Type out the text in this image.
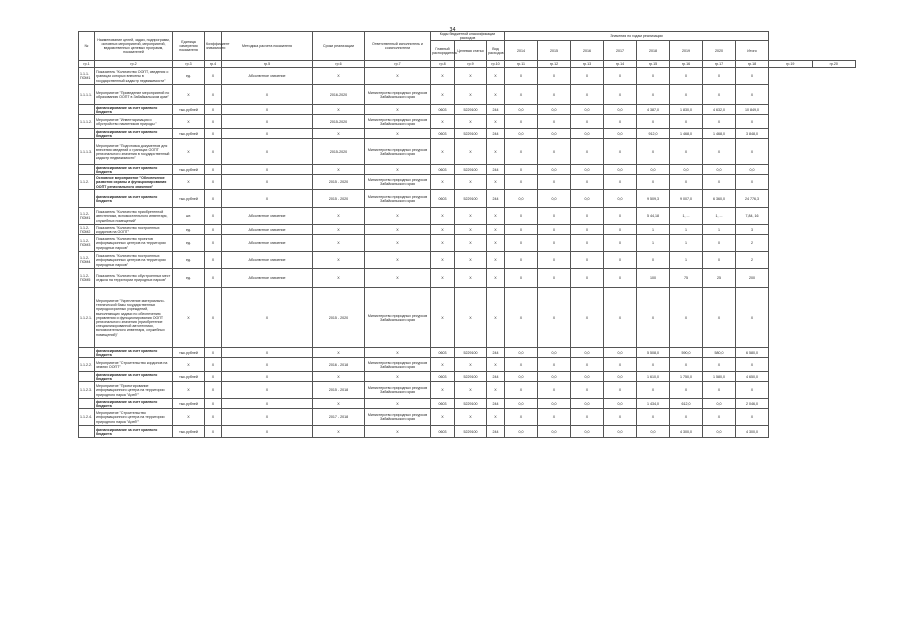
34
№	Наименование целей, задач, подпрограмм, основных мероприятий, мероприятий, ведомственных целевых программ, показателей	Единица измерения показателя	Коэффициент значимости	Методика расчета показателя	Сроки реализации	Ответственный исполнитель и соисполнители	Коды бюджетной классификации расходов			Значения по годам реализации									
							Главный распорядитель	Целевая статья	Вид расходов	2014	2015	2016	2017	2018	2019	2020	Итого		
гр.1	гр.2	гр.3	гр.4	гр.5	гр.6	гр.7	гр.8	гр.9	гр.10	гр.11	гр.12	гр.13	гр.14	гр.15	гр.16	гр.17	гр.18	гр.19	гр.20
1.1.1. ПОМ1	Показатель "Количество ООПТ, сведения о границах которых внесены в государственный кадастр недвижимости"	ед.	X	Абсолютное значение	X	X	X	X	X	0	0	0	0	0	0	0	0		
1.1.1.1.	Мероприятие "Проведение мероприятий по образованию ООПТ в Забайкальском крае"	X	X	X	2016-2020	Министерство природных ресурсов Забайкальского края	X	X	X	X	X	X	X	X	X	X	X		
	финансирование за счет краевого бюджета	тыс.рублей	X	X	X	X	0603	5229100	244	0,0	0,0	0,0	0,0	4 387,0	1 830,0	4 632,0	10 849,0		
1.1.1.2.	Мероприятие "Инвентаризация и обустройство памятников природы "	X	X	X	2015-2020	Министерство природных ресурсов Забайкальского края	X	X	X	X	X	X	X	X	X	X	X		
	финансирование за счет краевого бюджета	тыс.рублей	X	X	X	X	0603	5229100	244	0,0	0,0	0,0	0,0	912,0	1 468,0	1 468,0	3 848,0		
1.1.1.3.	Мероприятие "Подготовка документов для внесения сведений о границах ООПТ регионального значения в государственный кадастр недвижимости"	X	X	X	2015-2020	Министерство природных ресурсов Забайкальского края	X	X	X	X	X	X	X	X	X	X	X		
	финансирование за счет краевого бюджета	тыс.рублей	X	X	X	X	0603	5229100	244	0	0,0	0,0	0,0	0,0	0,0	0,0	0,0		
1.1.2.	Основное мероприятие "Обеспечение развития охраны и функционирования ООПТ регионального значения"	X	X	X	2015 - 2020	Министерство природных ресурсов Забайкальского края	X	X	X	X	X	X	X	X	X	X	X		
	финансирование за счет краевого бюджета	тыс.рублей	X	X	2015 - 2020	Министерство природных ресурсов Забайкальского края	0603	5229100	244	0,0	0,0	0,0	0,0	9 509,3	9 007,0	6 360,0	24 776,3		
1.1.2-ПОМ1	Показатель "Количество приобретенной автотехники, вспомогательного инвентаря, служебных помещений"	шт.	X	Абсолютное значение	X	X	X	X	X	0	0	0	0	5 44,18	1, ...	1, ...	7,84, 16		
1.1.2-ПОМ2	Показатель "Количество построенных кордонов на ООПТ"	ед.	X	Абсолютное значение	X	X	X	X	X	0	0	0	0	1	1	1	3		
1.1.2-ПОМ3	Показатель "Количество проектов информационных центров на территории природных парков"	ед.	X	Абсолютное значение	X	X	X	X	X	0	0	0	0	1	1	0	2		
1.1.2-ПОМ4	Показатель "Количество построенных информационных центров на территории природных парков"	ед.	X	Абсолютное значение	X	X	X	X	X	0	0	0	0	0	1	0	2		
1.1.2-ПОМ5	Показатель "Количество обустроенных мест отдыха на территории природных парков"	ед.	X	Абсолютное значение	X	X	X	X	X	0	0	0	0	100	75	25	200		
1.1.2.1.	Мероприятие "Укрепление материально-технической базы государственных природоохранных учреждений, выполняющих задачи по обеспечению управления и функционирования ООПТ регионального значения (приобретение специализированной автотехники, вспомогательного инвентаря, служебных помещений)"	X	X	X	2015 - 2020	Министерство природных ресурсов Забайкальского края	X	X	X	X	X	X	X	X	X	X	X		
	финансирование за счет краевого бюджета	тыс.рублей	X	X	X	X	0603	5229100	244	0,0	0,0	0,0	0,0	5 508,0	590,0	580,0	6 580,0		
1.1.2.2.	Мероприятие "Строительство кордонов на землях ООПТ"	X	X	X	2016 - 2018	Министерство природных ресурсов Забайкальского края	X	X	X	X	X	X	X	X	X	X	X		
	финансирование за счет краевого бюджета	тыс.рублей	X	X	X	X	0603	5229100	244	0,0	0,0	0,0	0,0	1 610,0	1 750,0	1 580,0	4 650,0		
1.1.2.3.	Мероприятие "Проектирование информационного центра на территории природного парка "Арей""	X	X	X	2015 - 2018	Министерство природных ресурсов Забайкальского края	X	X	X	X	X	X	X	X	X	X	X		
	финансирование за счет краевого бюджета	тыс.рублей	X	X	X	X	0603	5229100	244	0,0	0,0	0,0	0,0	1 434,0	612,0	0,0	2 046,0		
1.1.2.4.	Мероприятие "Строительство информационного центра на территории природного парка "Арей""	X	X	X	2017 - 2018	Министерство природных ресурсов Забайкальского края	X	X	X	X	X	X	X	X	X	X	X		
	финансирование за счет краевого бюджета	тыс.рублей	X	X	X	X	0603	5229100	244	0,0	0,0	0,0	0,0	0,0	4 300,0	0,0	4 300,0		
